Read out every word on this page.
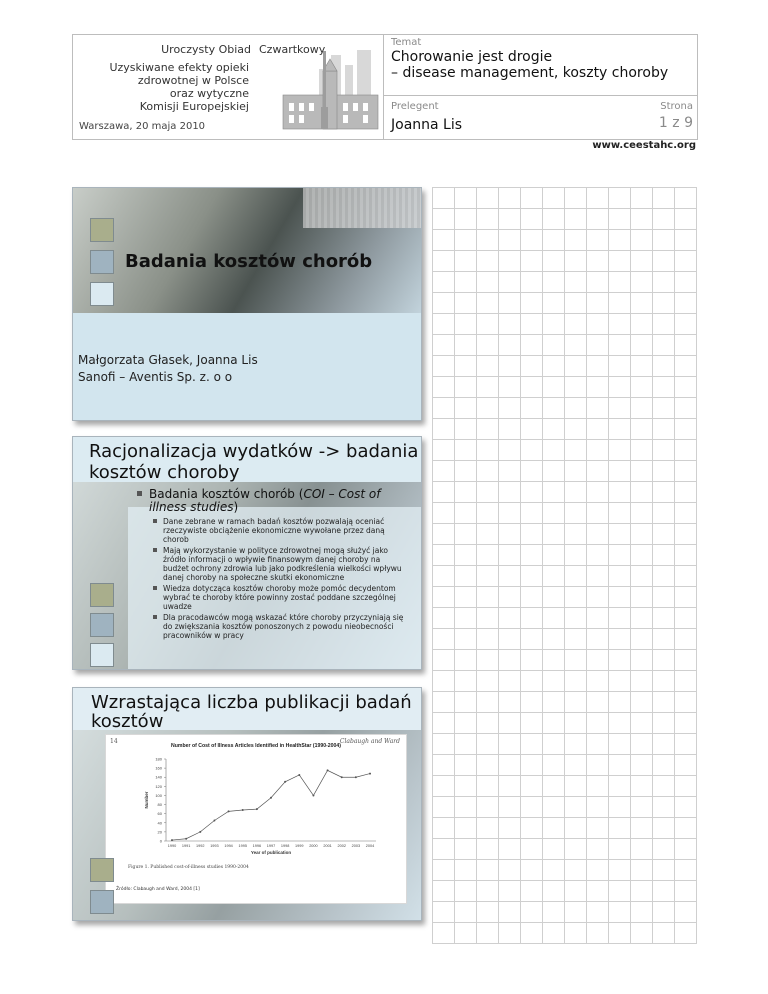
Uroczysty Obiad Czwartkowy
Uzyskiwane efekty opieki
zdrowotnej w Polsce
oraz wytyczne
Komisji Europejskiej
Warszawa, 20 maja 2010
Temat
Chorowanie jest drogie
– disease management, koszty choroby
Prelegent
Joanna Lis
Strona
1 z 9
www.ceestahc.org
Badania kosztów chorób
Małgorzata Głasek, Joanna Lis
Sanofi – Aventis Sp. z. o o
Racjonalizacja wydatków -> badania
kosztów choroby
Badania kosztów chorób (COI – Cost of
illness studies)
Dane zebrane w ramach badań kosztów pozwalają oceniać
rzeczywiste obciążenie ekonomiczne wywołane przez daną
chorob
Mają wykorzystanie w polityce zdrowotnej mogą służyć jako
źródło informacji o wpływie finansowym danej choroby na
budżet ochrony zdrowia lub jako podkreślenia wielkości wpływu
danej choroby na społeczne skutki ekonomiczne
Wiedza dotycząca kosztów choroby może pomóc decydentom
wybrać te choroby które powinny zostać poddane szczególnej
uwadze
Dla pracodawców mogą wskazać które choroby przyczyniają się
do zwiększania kosztów ponoszonych z powodu nieobecności
pracowników w pracy
Wzrastająca liczba publikacji badań
kosztów
14	Clabaugh and Ward
Number of Cost of Illness Articles Identified in HealthStar (1990-2004)
0
20
40
60
80
100
120
140
160
180
1990 1991 1992 1993 1994 1995 1996 1997 1998 1999 2000 2001 2002 2003 2004
Year of publication
Number
Figure 1. Published cost-of-illness studies 1990-2004
Źródło: Clabaugh and Ward, 2004 [1]
